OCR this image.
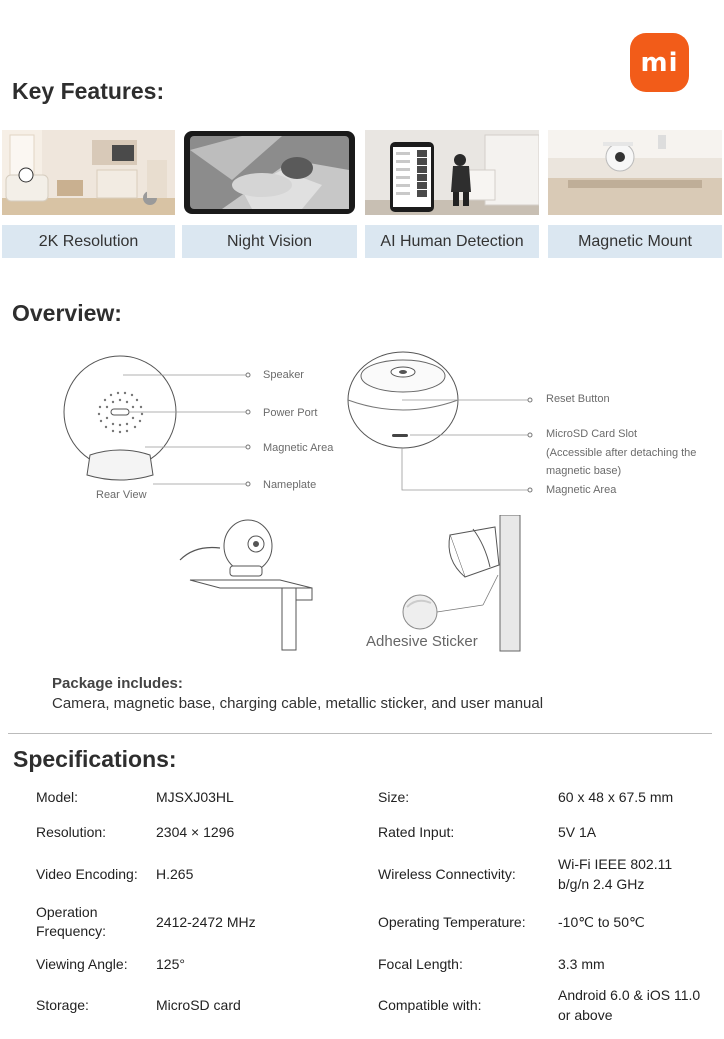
mi
Key Features:
2K Resolution	Night Vision	AI Human Detection	Magnetic Mount
Overview:
Speaker
Power Port
Magnetic Area
Nameplate
Rear View
Reset Button
MicroSD Card Slot
(Accessible after detaching the
magnetic base)
Magnetic Area
Adhesive Sticker
Package includes:
Camera, magnetic base, charging cable, metallic sticker, and user manual
Specifications:
Model:	MJSXJ03HL	Size:	60 x 48 x 67.5 mm
Resolution:	2304 × 1296	Rated Input:	5V 1A
Video Encoding: H.265	Wireless Connectivity:
Wi-Fi IEEE 802.11
b/g/n 2.4 GHz
Operation
Frequency:
2412-2472 MHz	Operating Temperature: -10℃ to 50℃
Viewing Angle: 125°	Focal Length:	3.3 mm
Storage:	MicroSD card	Compatible with:
Android 6.0 & iOS 11.0
or above
